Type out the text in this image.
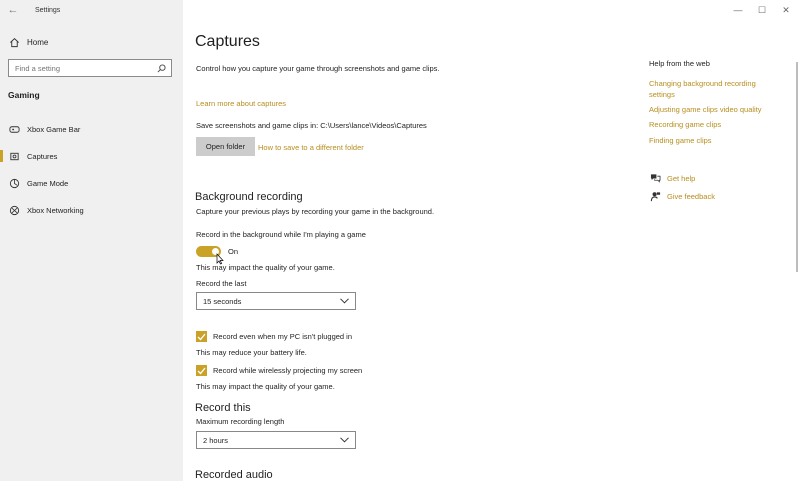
←	Settings
Home
Find a setting
Gaming
Xbox Game Bar
Captures
Game Mode
Xbox Networking
—	☐	✕
Captures
Control how you capture your game through screenshots and game clips.
Learn more about captures
Save screenshots and game clips in: C:\Users\lance\Videos\Captures
Open folder	How to save to a different folder
Background recording
Capture your previous plays by recording your game in the background.
Record in the background while I'm playing a game
On
This may impact the quality of your game.
Record the last
15 seconds
Record even when my PC isn't plugged in
This may reduce your battery life.
Record while wirelessly projecting my screen
This may impact the quality of your game.
Record this
Maximum recording length
2 hours
Recorded audio
Help from the web
Changing background recording settings
Adjusting game clips video quality
Recording game clips
Finding game clips
Get help
Give feedback
